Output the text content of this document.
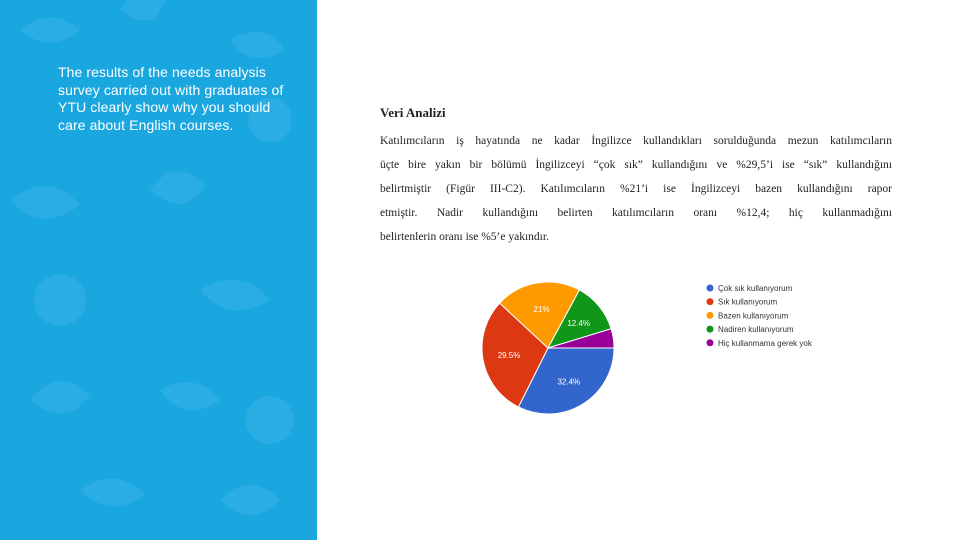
The results of the needs analysis survey carried out with graduates of YTU clearly show why you should care about English courses.
Veri Analizi
Katılımcıların iş hayatında ne kadar İngilizce kullandıkları sorulduğunda mezun katılımcıların
üçte bire yakın bir bölümü İngilizceyi “çok sık” kullandığını ve %29,5’i ise “sık” kullandığını
belirtmiştir (Figür III-C2). Katılımcıların %21’i ise İngilizceyi bazen kullandığını rapor
etmiştir. Nadir kullandığını belirten katılımcıların oranı %12,4; hiç kullanmadığını
belirtenlerin oranı ise %5’e yakındır.
32.4%
29.5%
21%
12.4%
Çok sık kullanıyorum
Sık kullanıyorum
Bazen kullanıyorum
Nadiren kullanıyorum
Hiç kullanmama gerek yok
